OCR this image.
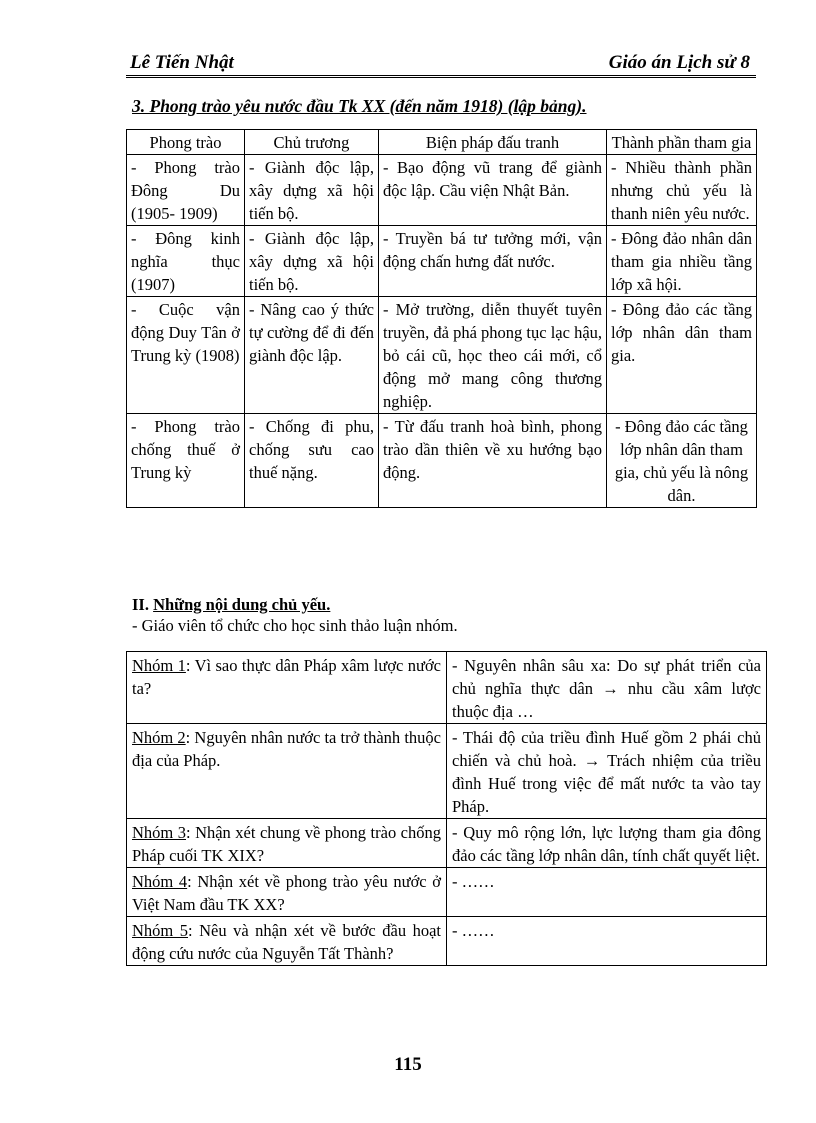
Lê Tiến Nhật	Giáo án Lịch sử 8
3. Phong trào yêu nước đầu Tk XX (đến năm 1918) (lập bảng).
Phong trào	Chủ trương	Biện pháp đấu tranh	Thành phần tham gia
- Phong trào Đông Du (1905- 1909)	- Giành độc lập, xây dựng xã hội tiến bộ.	- Bạo động vũ trang để giành độc lập. Cầu viện Nhật Bản.	- Nhiều thành phần nhưng chủ yếu là thanh niên yêu nước.
- Đông kinh nghĩa thục (1907)	- Giành độc lập, xây dựng xã hội tiến bộ.	- Truyền bá tư tưởng mới, vận động chấn hưng đất nước.	- Đông đảo nhân dân tham gia nhiều tầng lớp xã hội.
- Cuộc vận động Duy Tân ở Trung kỳ (1908)	- Nâng cao ý thức tự cường để đi đến giành độc lập.	- Mở trường, diễn thuyết tuyên truyền, đả phá phong tục lạc hậu, bỏ cái cũ, học theo cái mới, cổ động mở mang công thương nghiệp.	- Đông đảo các tầng lớp nhân dân tham gia.
- Phong trào chống thuế ở Trung kỳ	- Chống đi phu, chống sưu cao thuế nặng.	- Từ đấu tranh hoà bình, phong trào dần thiên về xu hướng bạo động.	- Đông đảo các tầng lớp nhân dân tham gia, chủ yếu là nông dân.
II. Những nội dung chủ yếu.
- Giáo viên tổ chức cho học sinh thảo luận nhóm.
Nhóm 1: Vì sao thực dân Pháp xâm lược nước ta?	- Nguyên nhân sâu xa: Do sự phát triển của chủ nghĩa thực dân → nhu cầu xâm lược thuộc địa …
Nhóm 2: Nguyên nhân nước ta trở thành thuộc địa của Pháp.	- Thái độ của triều đình Huế gồm 2 phái chủ chiến và chủ hoà. → Trách nhiệm của triều đình Huế trong việc để mất nước ta vào tay Pháp.
Nhóm 3: Nhận xét chung về phong trào chống Pháp cuối TK XIX?	- Quy mô rộng lớn, lực lượng tham gia đông đảo các tầng lớp nhân dân, tính chất quyết liệt.
Nhóm 4: Nhận xét về phong trào yêu nước ở Việt Nam đầu TK XX?	- ……
Nhóm 5: Nêu và nhận xét về bước đầu hoạt động cứu nước của Nguyễn Tất Thành?	- ……
115
